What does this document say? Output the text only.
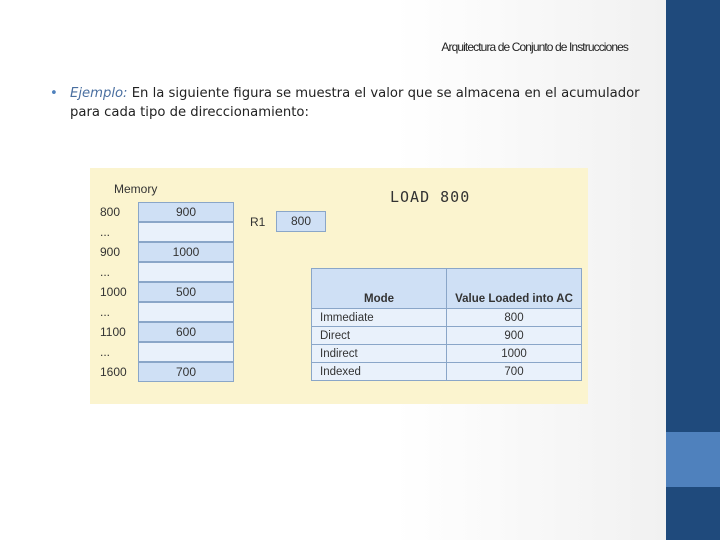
Arquitectura de Conjunto de Instrucciones
• Ejemplo: En la siguiente figura se muestra el valor que se almacena en el acumulador para cada tipo de direccionamiento:
Memory	LOAD 800
R1	800
800	900
...
900	1000
...
1000	500
...
1100	600
...
1600	700
Mode	Value Loaded into AC
Immediate	800
Direct	900
Indirect	1000
Indexed	700
